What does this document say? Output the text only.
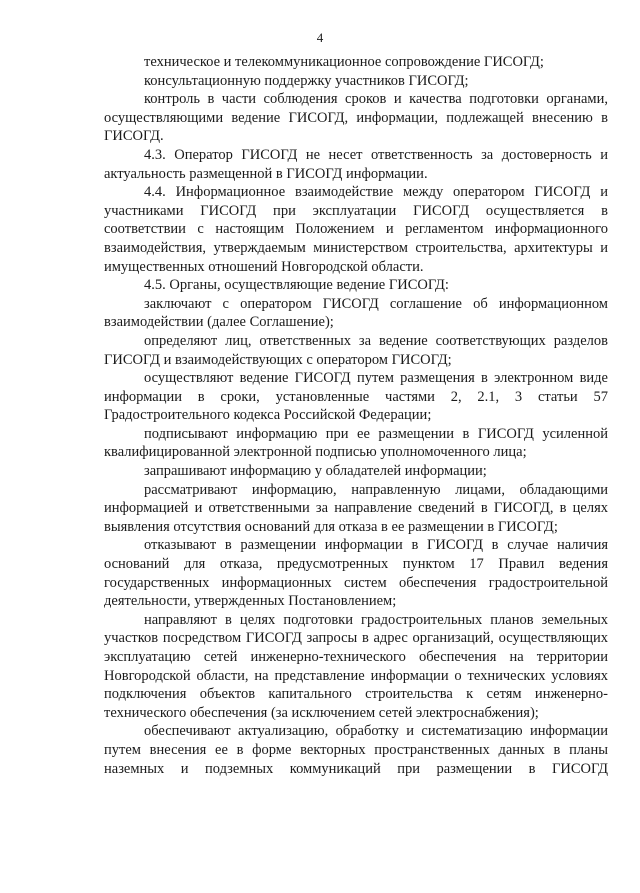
4

техническое и телекоммуникационное сопровождение ГИСОГД;

консультационную поддержку участников ГИСОГД;

контроль в части соблюдения сроков и качества подготовки органами, осуществляющими ведение ГИСОГД, информации, подлежащей внесению в ГИСОГД.

4.3. Оператор ГИСОГД не несет ответственность за достоверность и актуальность размещенной в ГИСОГД информации.

4.4. Информационное взаимодействие между оператором ГИСОГД и участниками ГИСОГД при эксплуатации ГИСОГД осуществляется в соответствии с настоящим Положением и регламентом информационного взаимодействия, утверждаемым министерством строительства, архитектуры и имущественных отношений Новгородской области.

4.5. Органы, осуществляющие ведение ГИСОГД:

заключают с оператором ГИСОГД соглашение об информационном взаимодействии (далее Соглашение);

определяют лиц, ответственных за ведение соответствующих разделов ГИСОГД и взаимодействующих с оператором ГИСОГД;

осуществляют ведение ГИСОГД путем размещения в электронном виде информации в сроки, установленные частями 2, 2.1, 3 статьи 57 Градостроительного кодекса Российской Федерации;

подписывают информацию при ее размещении в ГИСОГД усиленной квалифицированной электронной подписью уполномоченного лица;

запрашивают информацию у обладателей информации;

рассматривают информацию, направленную лицами, обладающими информацией и ответственными за направление сведений в ГИСОГД, в целях выявления отсутствия оснований для отказа в ее размещении в ГИСОГД;

отказывают в размещении информации в ГИСОГД в случае наличия оснований для отказа, предусмотренных пунктом 17 Правил ведения государственных информационных систем обеспечения градостроительной деятельности, утвержденных Постановлением;

направляют в целях подготовки градостроительных планов земельных участков посредством ГИСОГД запросы в адрес организаций, осуществляющих эксплуатацию сетей инженерно-технического обеспечения на территории Новгородской области, на представление информации о технических условиях подключения объектов капитального строительства к сетям инженерно-технического обеспечения (за исключением сетей электроснабжения);

обеспечивают актуализацию, обработку и систематизацию информации путем внесения ее в форме векторных пространственных данных в планы наземных и подземных коммуникаций при размещении в ГИСОГД
